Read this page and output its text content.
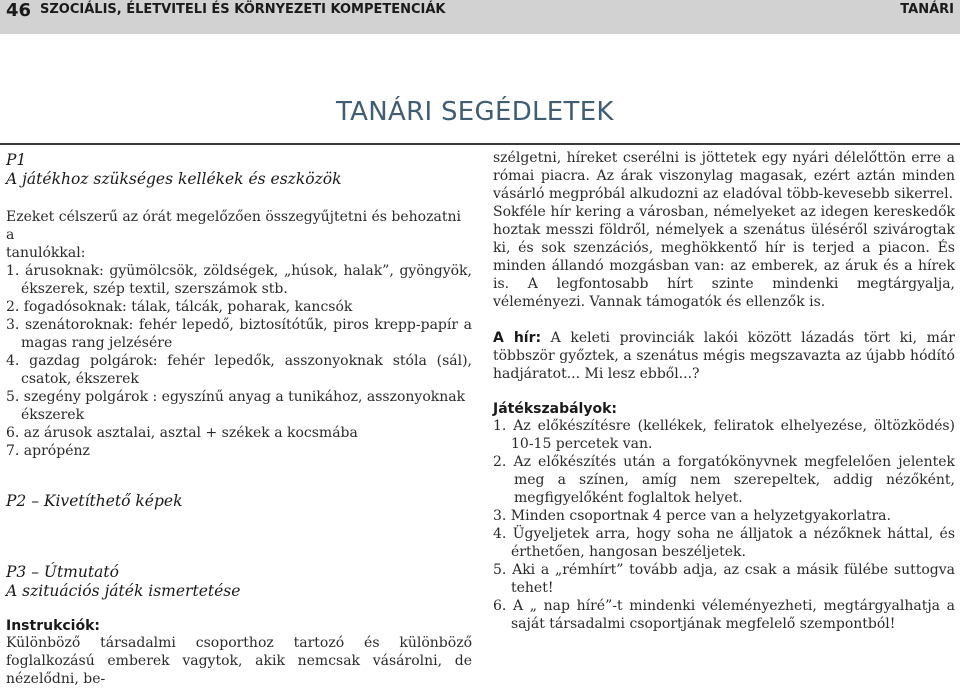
46 SZOCIÁLIS, ÉLETVITELI ÉS KÖRNYEZETI KOMPETENCIÁK	TANÁRI
TANÁRI SEGÉDLETEK

P1

A játékhoz szükséges kellékek és eszközök

Ezeket célszerű az órát megelőzően összegyűjtetni és behozatni a

tanulókkal:

1. árusoknak: gyümölcsök, zöldségek, „húsok, halak”, gyöngyök, ékszerek, szép textil, szerszámok stb.

2. fogadósoknak: tálak, tálcák, poharak, kancsók

3. szenátoroknak: fehér lepedő, biztosítótűk, piros krepp-papír a magas rang jelzésére

4. gazdag polgárok: fehér lepedők, asszonyoknak stóla (sál), csatok, ékszerek

5. szegény polgárok : egyszínű anyag a tunikához, asszonyoknak ékszerek

6. az árusok asztalai, asztal + székek a kocsmába

7. aprópénz

P2 – Kivetíthető képek

P3 – Útmutató

A szituációs játék ismertetése

Instrukciók:

Különböző társadalmi csoporthoz tartozó és különböző foglalkozású emberek vagytok, akik nemcsak vásárolni, de nézelődni, be-

szélgetni, híreket cserélni is jöttetek egy nyári délelőttön erre a római piacra. Az árak viszonylag magasak, ezért aztán minden vásárló megpróbál alkudozni az eladóval több-kevesebb sikerrel.

Sokféle hír kering a városban, némelyeket az idegen kereskedők hoztak messzi földről, némelyek a szenátus üléséről szivárogtak ki, és sok szenzációs, meghökkentő hír is terjed a piacon. És minden állandó mozgásban van: az emberek, az áruk és a hírek is. A legfontosabb hírt szinte mindenki megtárgyalja, véleményezi. Vannak támogatók és ellenzők is.

A hír: A keleti provinciák lakói között lázadás tört ki, már többször győztek, a szenátus mégis megszavazta az újabb hódító hadjáratot... Mi lesz ebből...?

Játékszabályok:

1. Az előkészítésre (kellékek, feliratok elhelyezése, öltözködés) 10-15 percetek van.

2. Az előkészítés után a forgatókönyvnek megfelelően jelentek meg a színen, amíg nem szerepeltek, addig nézőként, megfigyelőként foglaltok helyet.

3. Minden csoportnak 4 perce van a helyzetgyakorlatra.

4. Ügyeljetek arra, hogy soha ne álljatok a nézőknek háttal, és érthetően, hangosan beszéljetek.

5. Aki a „rémhírt” tovább adja, az csak a másik fülébe suttogva tehet!

6. A „ nap híré”-t mindenki véleményezheti, megtárgyalhatja a saját társadalmi csoportjának megfelelő szempontból!
